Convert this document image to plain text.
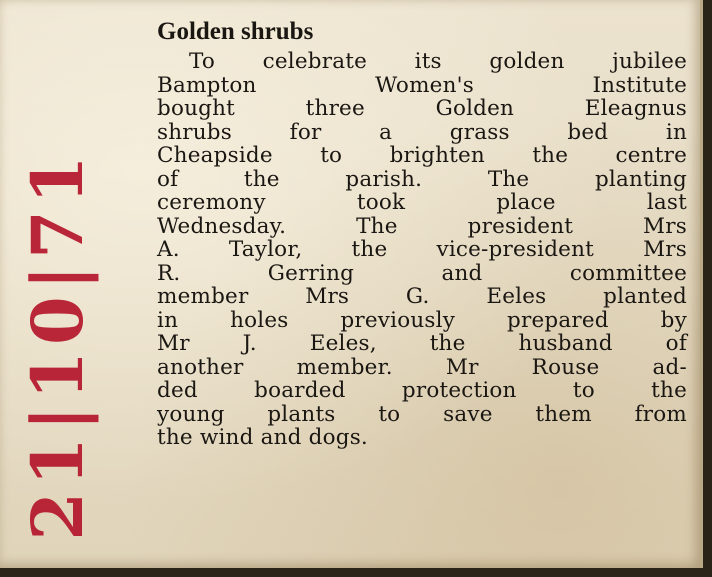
21|10|71
Golden shrubs
To celebrate its golden jubilee
Bampton Women's Institute
bought three Golden Eleagnus
shrubs for a grass bed in
Cheapside to brighten the centre
of the parish. The planting
ceremony took place last
Wednesday. The president Mrs
A. Taylor, the vice-president Mrs
R. Gerring and committee
member Mrs G. Eeles planted
in holes previously prepared by
Mr J. Eeles, the husband of
another member. Mr Rouse ad-
ded boarded protection to the
young plants to save them from
the wind and dogs.
